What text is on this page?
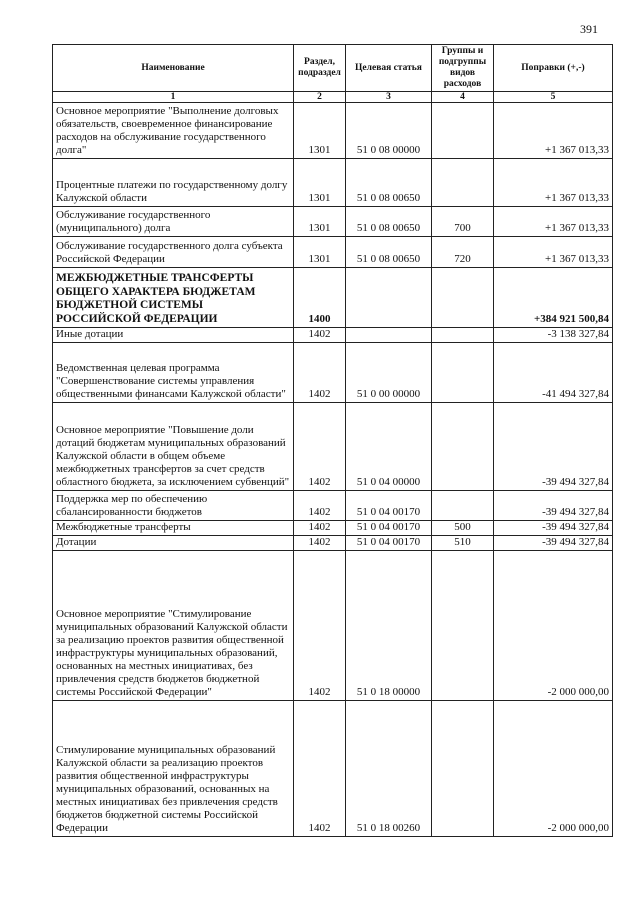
391
Наименование	Раздел, подраздел	Целевая статья	Группы и подгруппы видов расходов	Поправки (+,-)
1	2	3	4	5
Основное мероприятие "Выполнение долговых обязательств, своевременное финансирование расходов на обслуживание государственного долга"	1301	51 0 08 00000		+1 367 013,33
Процентные платежи по государственному долгу Калужской области	1301	51 0 08 00650		+1 367 013,33
Обслуживание государственного (муниципального) долга	1301	51 0 08 00650	700	+1 367 013,33
Обслуживание государственного долга субъекта Российской Федерации	1301	51 0 08 00650	720	+1 367 013,33
МЕЖБЮДЖЕТНЫЕ ТРАНСФЕРТЫ ОБЩЕГО ХАРАКТЕРА БЮДЖЕТАМ БЮДЖЕТНОЙ СИСТЕМЫ РОССИЙСКОЙ ФЕДЕРАЦИИ	1400			+384 921 500,84
Иные дотации	1402			-3 138 327,84
Ведомственная целевая программа "Совершенствование системы управления общественными финансами Калужской области"	1402	51 0 00 00000		-41 494 327,84
Основное мероприятие "Повышение доли дотаций бюджетам муниципальных образований Калужской области в общем объеме межбюджетных трансфертов за счет средств областного бюджета, за исключением субвенций"	1402	51 0 04 00000		-39 494 327,84
Поддержка мер по обеспечению сбалансированности бюджетов	1402	51 0 04 00170		-39 494 327,84
Межбюджетные трансферты	1402	51 0 04 00170	500	-39 494 327,84
Дотации	1402	51 0 04 00170	510	-39 494 327,84
Основное мероприятие "Стимулирование муниципальных образований Калужской области за реализацию проектов развития общественной инфраструктуры муниципальных образований, основанных на местных инициативах, без привлечения средств бюджетов бюджетной системы Российской Федерации"	1402	51 0 18 00000		-2 000 000,00
Стимулирование муниципальных образований Калужской области за реализацию проектов развития общественной инфраструктуры муниципальных образований, основанных на местных инициативах без привлечения средств бюджетов бюджетной системы Российской Федерации	1402	51 0 18 00260		-2 000 000,00
